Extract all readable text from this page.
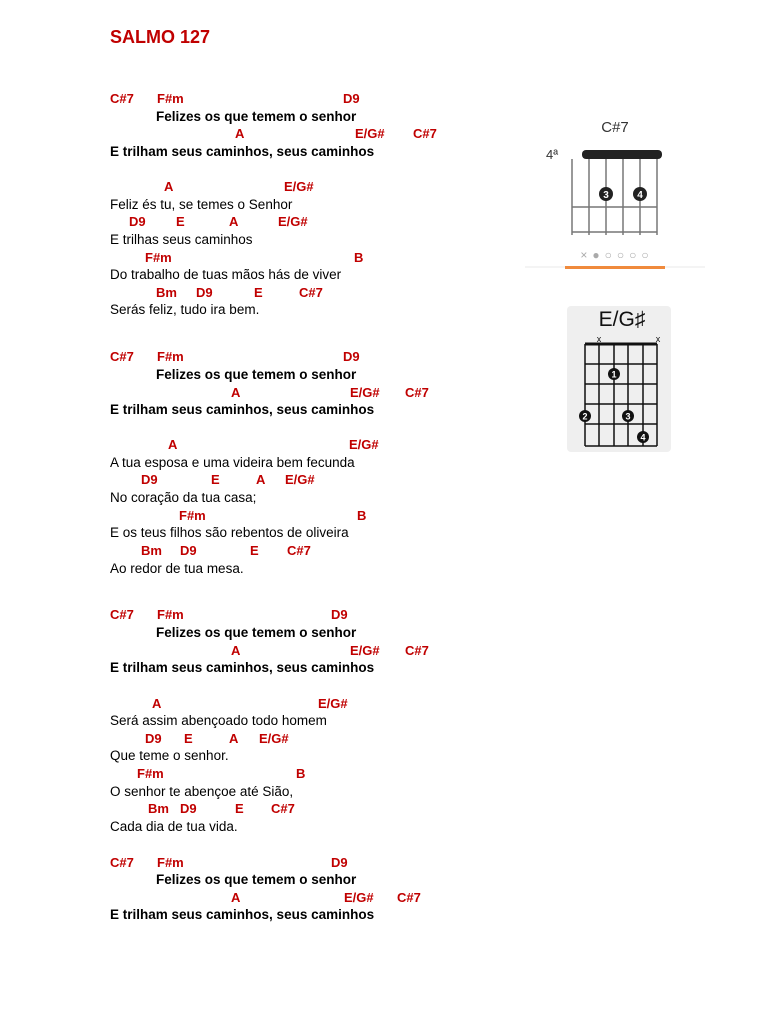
SALMO 127
C#7 F#m	D9
Felizes os que temem o senhor
A	E/G# C#7
E trilham seus caminhos, seus caminhos
A	E/G#
Feliz és tu, se temes o Senhor
D9 E	A	E/G#
E trilhas seus caminhos
F#m	B
Do trabalho de tuas mãos hás de viver
Bm D9	E	C#7
Serás feliz, tudo ira bem.
C#7 F#m	D9
Felizes os que temem o senhor
A	E/G# C#7
E trilham seus caminhos, seus caminhos
A	E/G#
A tua esposa e uma videira bem fecunda
D9	E	A E/G#
No coração da tua casa;
F#m	B
E os teus filhos são rebentos de oliveira
Bm D9	E C#7
Ao redor de tua mesa.
C#7 F#m	D9
Felizes os que temem o senhor
A	E/G# C#7
E trilham seus caminhos, seus caminhos
A	E/G#
Será assim abençoado todo homem
D9 E	A E/G#
Que teme o senhor.
F#m	B
O senhor te abençoe até Sião,
Bm D9	E C#7
Cada dia de tua vida.
C#7 F#m	D9
Felizes os que temem o senhor
A	E/G# C#7
E trilham seus caminhos, seus caminhos
C#7
4ª
3	4
×●○○○○
E/G♯
x	x
1
2	3
4
